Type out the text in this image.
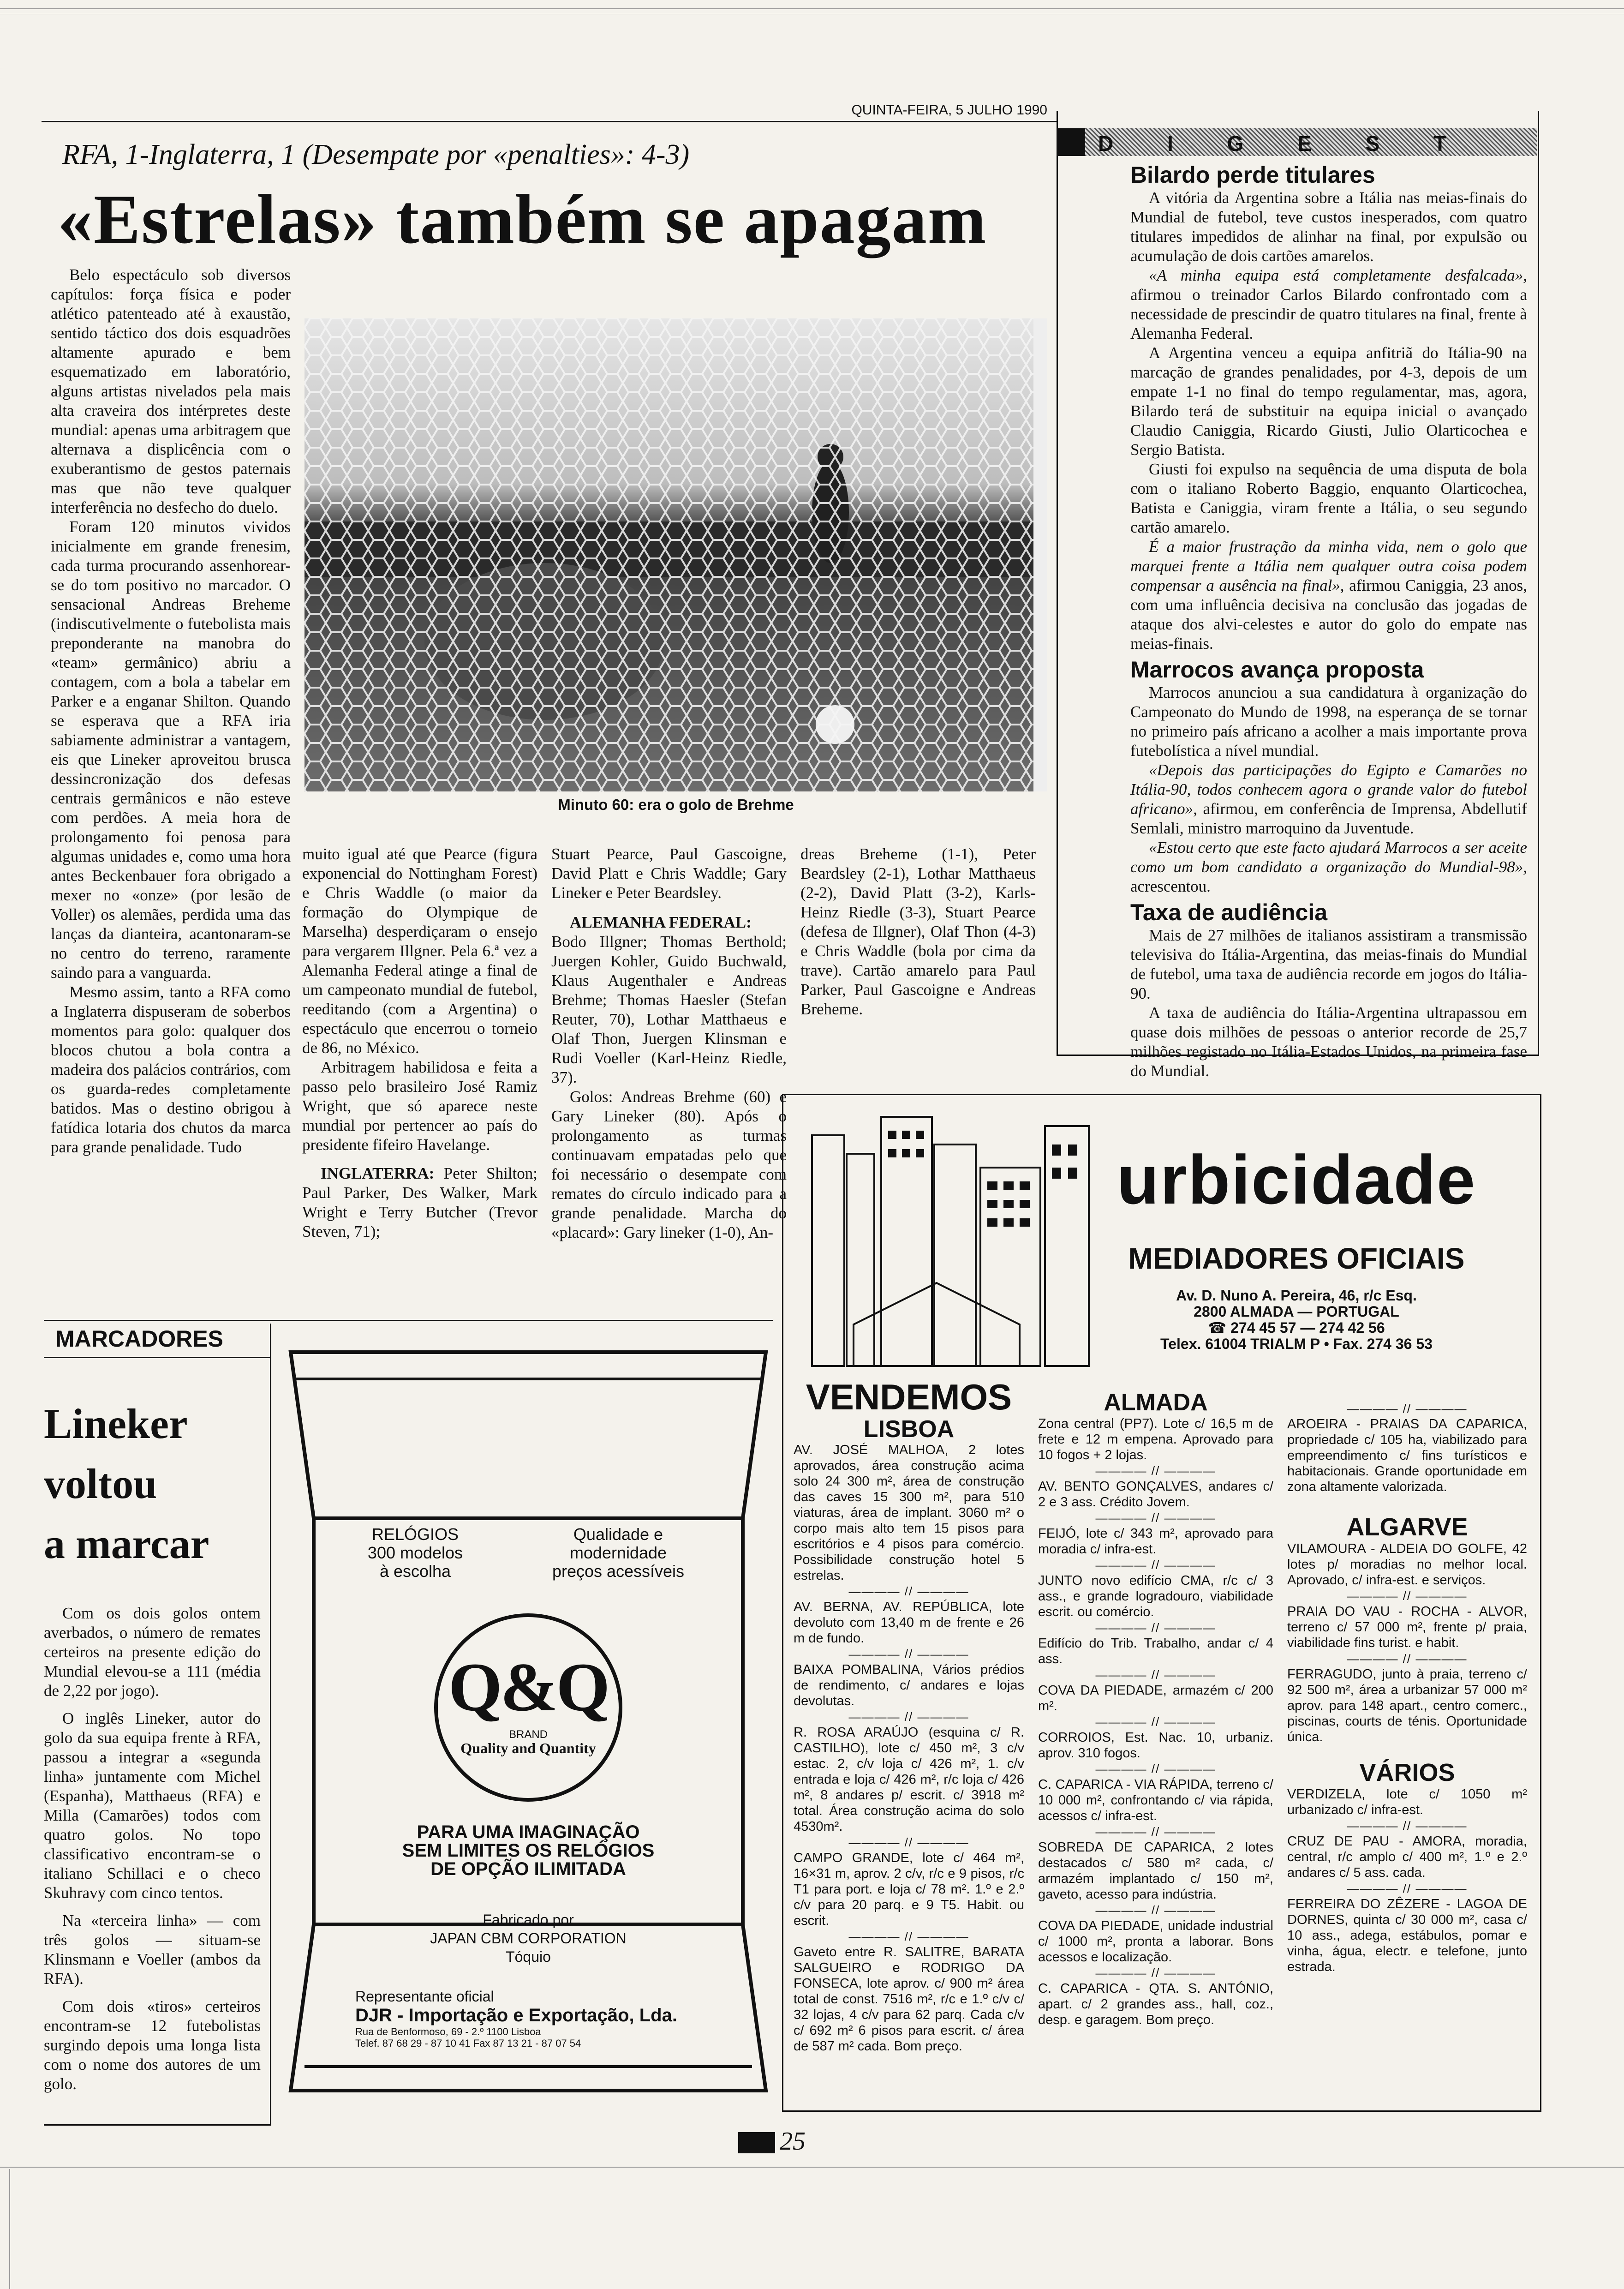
QUINTA-FEIRA, 5 JULHO 1990
RFA, 1-Inglaterra, 1 (Desempate por «penalties»: 4-3)
«Estrelas» também se apagam

Belo espectáculo sob diversos capítulos: força física e poder atlético patenteado até à exaustão, sentido táctico dos dois esquadrões altamente apurado e bem esquematizado em laboratório, alguns artistas nivelados pela mais alta craveira dos intérpretes deste mundial: apenas uma arbitragem que alternava a displicência com o exuberantismo de gestos paternais mas que não teve qualquer interferência no desfecho do duelo.

Foram 120 minutos vividos inicialmente em grande frenesim, cada turma procurando assenhorear-se do tom positivo no marcador. O sensacional Andreas Breheme (indiscutivelmente o futebolista mais preponderante na manobra do «team» germânico) abriu a contagem, com a bola a tabelar em Parker e a enganar Shilton. Quando se esperava que a RFA iria sabiamente administrar a vantagem, eis que Lineker aproveitou brusca dessincronização dos defesas centrais germânicos e não esteve com perdões. A meia hora de prolongamento foi penosa para algumas unidades e, como uma hora antes Beckenbauer fora obrigado a mexer no «onze» (por lesão de Voller) os alemães, perdida uma das lanças da dianteira, acantonaram-se no centro do terreno, raramente saindo para a vanguarda.

Mesmo assim, tanto a RFA como a Inglaterra dispuseram de soberbos momentos para golo: qualquer dos blocos chutou a bola contra a madeira dos palácios contrários, com os guarda-redes completamente batidos. Mas o destino obrigou à fatídica lotaria dos chutos da marca para grande penalidade. Tudo

Minuto 60: era o golo de Brehme

muito igual até que Pearce (figura exponencial do Nottingham Forest) e Chris Waddle (o maior da formação do Olympique de Marselha) desperdiçaram o ensejo para vergarem Illgner. Pela 6.ª vez a Alemanha Federal atinge a final de um campeonato mundial de futebol, reeditando (com a Argentina) o espectáculo que encerrou o torneio de 86, no México.

Arbitragem habilidosa e feita a passo pelo brasileiro José Ramiz Wright, que só aparece neste mundial por pertencer ao país do presidente fifeiro Havelange.

INGLATERRA: Peter Shilton; Paul Parker, Des Walker, Mark Wright e Terry Butcher (Trevor Steven, 71);

Stuart Pearce, Paul Gascoigne, David Platt e Chris Waddle; Gary Lineker e Peter Beardsley.

ALEMANHA FEDERAL:

Bodo Illgner; Thomas Berthold; Juergen Kohler, Guido Buchwald, Klaus Augenthaler e Andreas Brehme; Thomas Haesler (Stefan Reuter, 70), Lothar Matthaeus e Olaf Thon, Juergen Klinsman e Rudi Voeller (Karl-Heinz Riedle, 37).

Golos: Andreas Brehme (60) e Gary Lineker (80). Após o prolongamento as turmas continuavam empatadas pelo que foi necessário o desempate com remates do círculo indicado para a grande penalidade. Marcha do «placard»: Gary lineker (1-0), An-

dreas Breheme (1-1), Peter Beardsley (2-1), Lothar Matthaeus (2-2), David Platt (3-2), Karls-Heinz Riedle (3-3), Stuart Pearce (defesa de Illgner), Olaf Thon (4-3) e Chris Waddle (bola por cima da trave). Cartão amarelo para Paul Parker, Paul Gascoigne e Andreas Breheme.

D I G E S T
Bilardo perde titulares

A vitória da Argentina sobre a Itália nas meias-finais do Mundial de futebol, teve custos inesperados, com quatro titulares impedidos de alinhar na final, por expulsão ou acumulação de dois cartões amarelos.

«A minha equipa está completamente desfalcada», afirmou o treinador Carlos Bilardo confrontado com a necessidade de prescindir de quatro titulares na final, frente à Alemanha Federal.

A Argentina venceu a equipa anfitriã do Itália-90 na marcação de grandes penalidades, por 4-3, depois de um empate 1-1 no final do tempo regulamentar, mas, agora, Bilardo terá de substituir na equipa inicial o avançado Claudio Caniggia, Ricardo Giusti, Julio Olarticochea e Sergio Batista.

Giusti foi expulso na sequência de uma disputa de bola com o italiano Roberto Baggio, enquanto Olarticochea, Batista e Caniggia, viram frente a Itália, o seu segundo cartão amarelo.

É a maior frustração da minha vida, nem o golo que marquei frente a Itália nem qualquer outra coisa podem compensar a ausência na final», afirmou Caniggia, 23 anos, com uma influência decisiva na conclusão das jogadas de ataque dos alvi-celestes e autor do golo do empate nas meias-finais.

Marrocos avança proposta

Marrocos anunciou a sua candidatura à organização do Campeonato do Mundo de 1998, na esperança de se tornar no primeiro país africano a acolher a mais importante prova futebolística a nível mundial.

«Depois das participações do Egipto e Camarões no Itália-90, todos conhecem agora o grande valor do futebol africano», afirmou, em conferência de Imprensa, Abdellutif Semlali, ministro marroquino da Juventude.

«Estou certo que este facto ajudará Marrocos a ser aceite como um bom candidato a organização do Mundial-98», acrescentou.

Taxa de audiência

Mais de 27 milhões de italianos assistiram a transmissão televisiva do Itália-Argentina, das meias-finais do Mundial de futebol, uma taxa de audiência recorde em jogos do Itália-90.

A taxa de audiência do Itália-Argentina ultrapassou em quase dois milhões de pessoas o anterior recorde de 25,7 milhões registado no Itália-Estados Unidos, na primeira fase do Mundial.

MARCADORES
Lineker
voltou
a marcar

Com os dois golos ontem averbados, o número de remates certeiros na presente edição do Mundial elevou-se a 111 (média de 2,22 por jogo).

O inglês Lineker, autor do golo da sua equipa frente à RFA, passou a integrar a «segunda linha» juntamente com Michel (Espanha), Matthaeus (RFA) e Milla (Camarões) todos com quatro golos. No topo classificativo encontram-se o italiano Schillaci e o checo Skuhravy com cinco tentos.

Na «terceira linha» — com três golos — situam-se Klinsmann e Voeller (ambos da RFA).

Com dois «tiros» certeiros encontram-se 12 futebolistas surgindo depois uma longa lista com o nome dos autores de um golo.

RELÓGIOS
300 modelos
à escolha
Qualidade e
modernidade
preços acessíveis
Q&Q
BRAND
Quality and Quantity
PARA UMA IMAGINAÇÃO
SEM LIMITES OS RELÓGIOS
DE OPÇÃO ILIMITADA
Fabricado por
JAPAN CBM CORPORATION
Tóquio
Representante oficial
DJR - Importação e Exportação, Lda.
Rua de Benformoso, 69 - 2.º 1100 Lisboa
Telef. 87 68 29 - 87 10 41 Fax 87 13 21 - 87 07 54
urbicidade
MEDIADORES OFICIAIS
Av. D. Nuno A. Pereira, 46, r/c Esq.
2800 ALMADA — PORTUGAL
☎ 274 45 57 — 274 42 56
Telex. 61004 TRIALM P • Fax. 274 36 53
VENDEMOS
LISBOA

AV. JOSÉ MALHOA, 2 lotes aprovados, área construção acima solo 24 300 m², área de construção das caves 15 300 m², para 510 viaturas, área de implant. 3060 m² o corpo mais alto tem 15 pisos para escritórios e 4 pisos para comércio. Possibilidade construção hotel 5 estrelas.

———— // ————

AV. BERNA, AV. REPÚBLICA, lote devoluto com 13,40 m de frente e 26 m de fundo.

———— // ————

BAIXA POMBALINA, Vários prédios de rendimento, c/ andares e lojas devolutas.

———— // ————

R. ROSA ARAÚJO (esquina c/ R. CASTILHO), lote c/ 450 m², 3 c/v estac. 2, c/v loja c/ 426 m², 1. c/v entrada e loja c/ 426 m², r/c loja c/ 426 m², 8 andares p/ escrit. c/ 3918 m² total. Área construção acima do solo 4530m².

———— // ————

CAMPO GRANDE, lote c/ 464 m², 16×31 m, aprov. 2 c/v, r/c e 9 pisos, r/c T1 para port. e loja c/ 78 m². 1.º e 2.º c/v para 20 parq. e 9 T5. Habit. ou escrit.

———— // ————

Gaveto entre R. SALITRE, BARATA SALGUEIRO e RODRIGO DA FONSECA, lote aprov. c/ 900 m² área total de const. 7516 m², r/c e 1.º c/v c/ 32 lojas, 4 c/v para 62 parq. Cada c/v c/ 692 m² 6 pisos para escrit. c/ área de 587 m² cada. Bom preço.

ALMADA

Zona central (PP7). Lote c/ 16,5 m de frete e 12 m empena. Aprovado para 10 fogos + 2 lojas.

———— // ————

AV. BENTO GONÇALVES, andares c/ 2 e 3 ass. Crédito Jovem.

———— // ————

FEIJÓ, lote c/ 343 m², aprovado para moradia c/ infra-est.

———— // ————

JUNTO novo edifício CMA, r/c c/ 3 ass., e grande logradouro, viabilidade escrit. ou comércio.

———— // ————

Edifício do Trib. Trabalho, andar c/ 4 ass.

———— // ————

COVA DA PIEDADE, armazém c/ 200 m².

———— // ————

CORROIOS, Est. Nac. 10, urbaniz. aprov. 310 fogos.

———— // ————

C. CAPARICA - VIA RÁPIDA, terreno c/ 10 000 m², confrontando c/ via rápida, acessos c/ infra-est.

———— // ————

SOBREDA DE CAPARICA, 2 lotes destacados c/ 580 m² cada, c/ armazém implantado c/ 150 m², gaveto, acesso para indústria.

———— // ————

COVA DA PIEDADE, unidade industrial c/ 1000 m², pronta a laborar. Bons acessos e localização.

———— // ————

C. CAPARICA - QTA. S. ANTÓNIO, apart. c/ 2 grandes ass., hall, coz., desp. e garagem. Bom preço.

———— // ————

AROEIRA - PRAIAS DA CAPARICA, propriedade c/ 105 ha, viabilizado para empreendimento c/ fins turísticos e habitacionais. Grande oportunidade em zona altamente valorizada.

ALGARVE

VILAMOURA - ALDEIA DO GOLFE, 42 lotes p/ moradias no melhor local. Aprovado, c/ infra-est. e serviços.

———— // ————

PRAIA DO VAU - ROCHA - ALVOR, terreno c/ 57 000 m², frente p/ praia, viabilidade fins turist. e habit.

———— // ————

FERRAGUDO, junto à praia, terreno c/ 92 500 m², área a urbanizar 57 000 m² aprov. para 148 apart., centro comerc., piscinas, courts de ténis. Oportunidade única.

VÁRIOS

VERDIZELA, lote c/ 1050 m² urbanizado c/ infra-est.

———— // ————

CRUZ DE PAU - AMORA, moradia, central, r/c amplo c/ 400 m², 1.º e 2.º andares c/ 5 ass. cada.

———— // ————

FERREIRA DO ZÊZERE - LAGOA DE DORNES, quinta c/ 30 000 m², casa c/ 10 ass., adega, estábulos, pomar e vinha, água, electr. e telefone, junto estrada.

25
